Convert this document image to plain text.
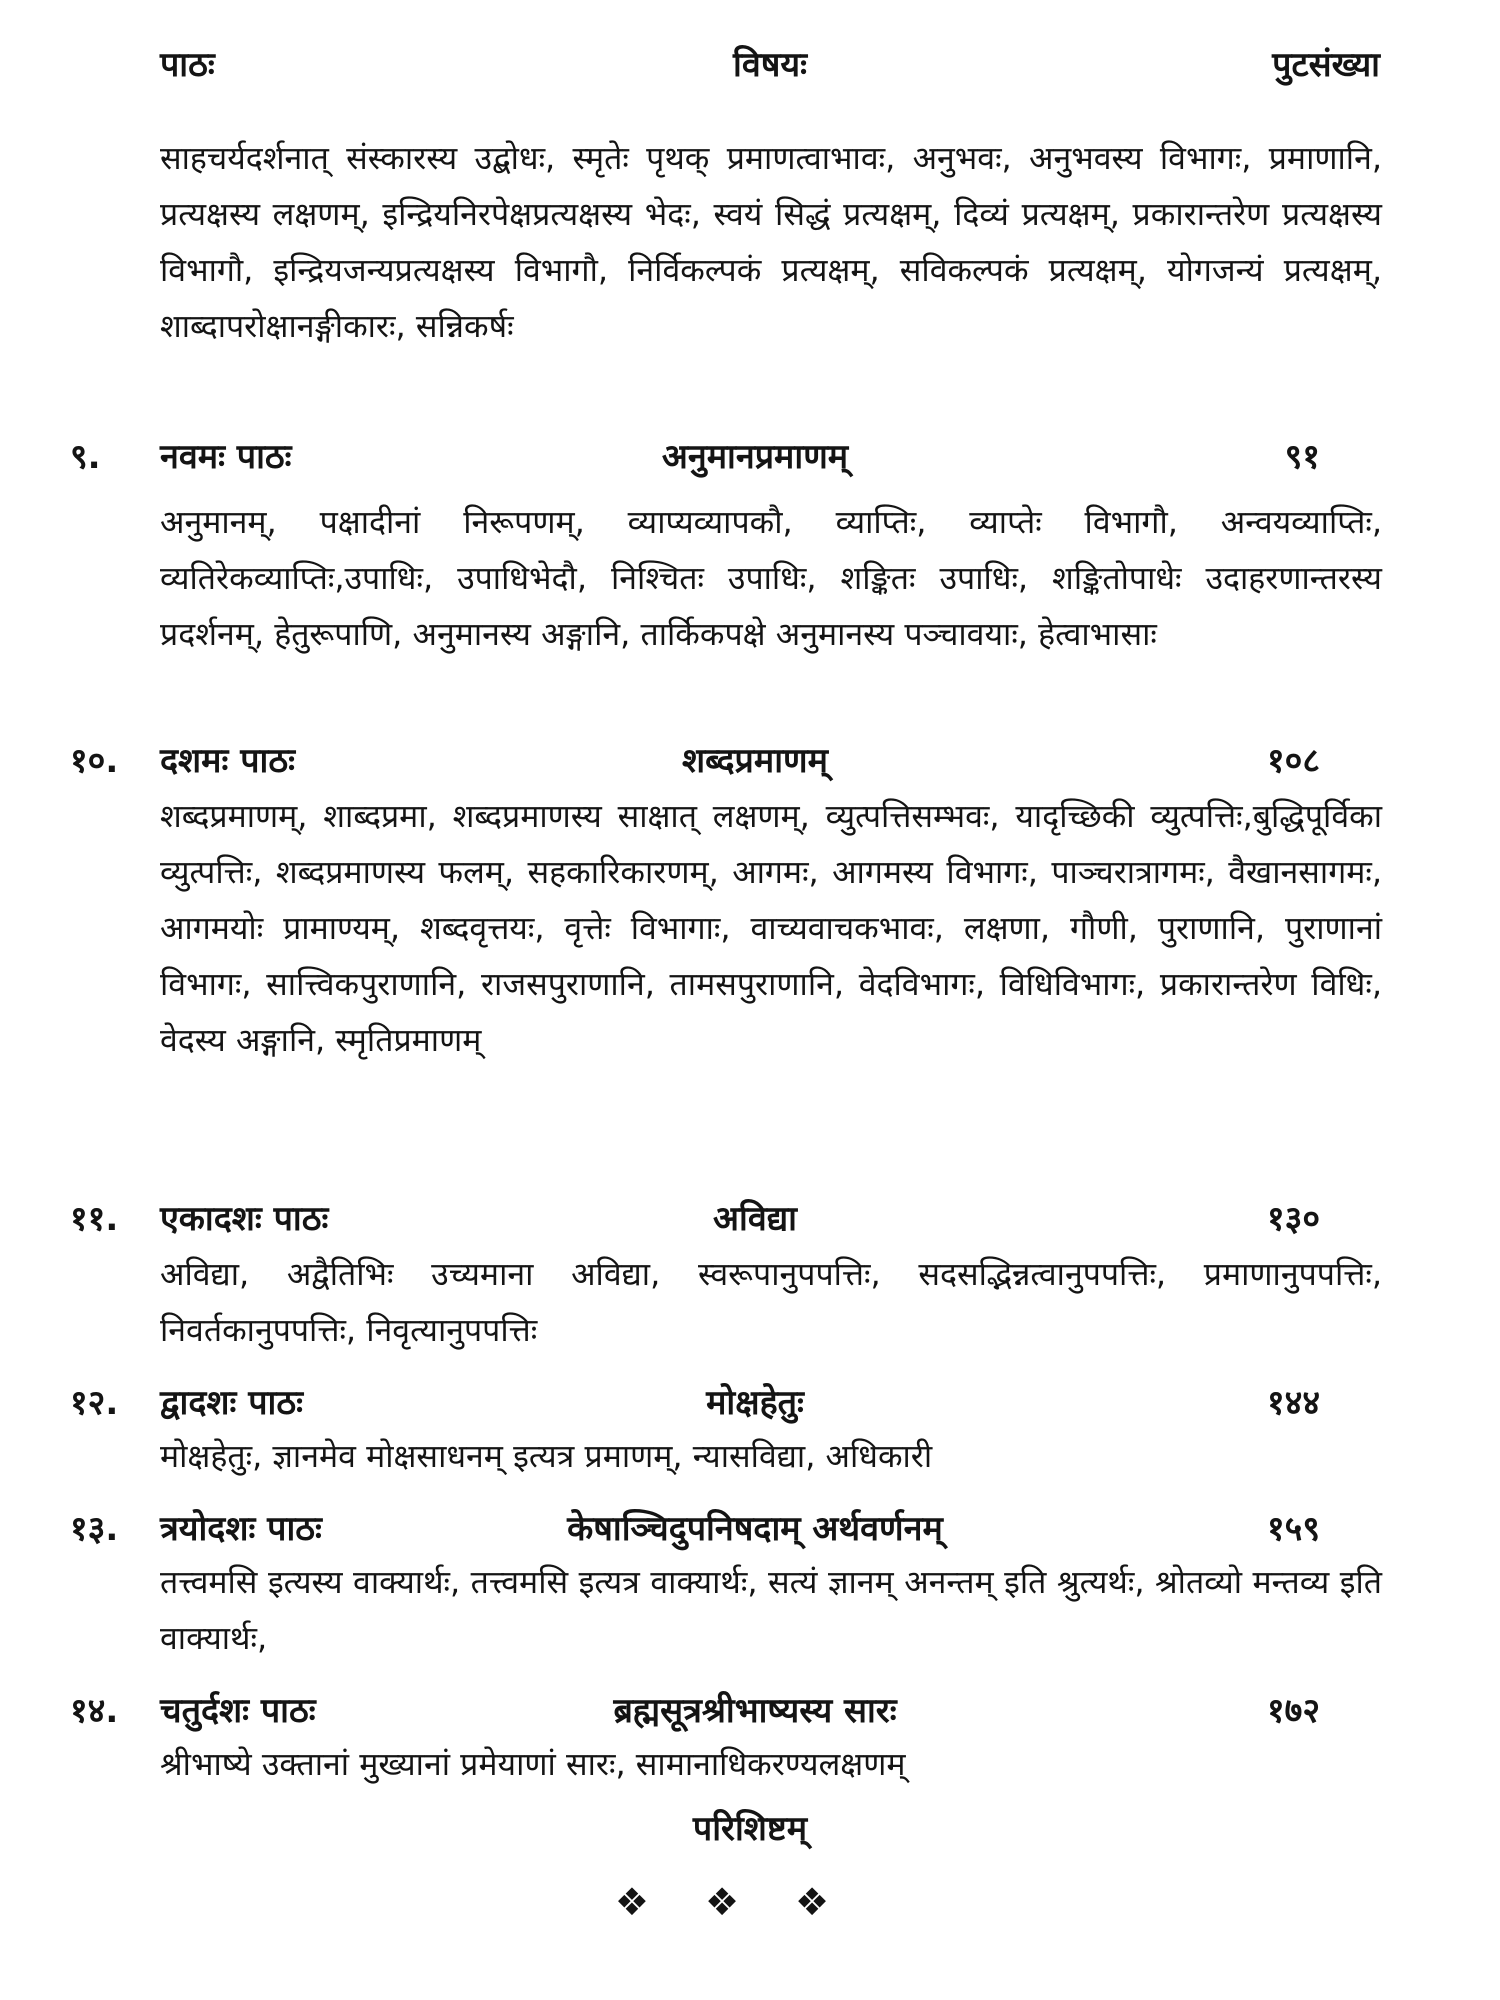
पाठः	विषयः	पुटसंख्या
साहचर्यदर्शनात् संस्कारस्य उद्बोधः, स्मृतेः पृथक् प्रमाणत्वाभावः, अनुभवः, अनुभवस्य विभागः, प्रमाणानि, प्रत्यक्षस्य लक्षणम्, इन्द्रियनिरपेक्षप्रत्यक्षस्य भेदः, स्वयं सिद्धं प्रत्यक्षम्, दिव्यं प्रत्यक्षम्, प्रकारान्तरेण प्रत्यक्षस्य विभागौ, इन्द्रियजन्यप्रत्यक्षस्य विभागौ, निर्विकल्पकं प्रत्यक्षम्, सविकल्पकं प्रत्यक्षम्, योगजन्यं प्रत्यक्षम्, शाब्दापरोक्षानङ्गीकारः, सन्निकर्षः
९. नवमः पाठः	अनुमानप्रमाणम्	९१
अनुमानम्, पक्षादीनां निरूपणम्, व्याप्यव्यापकौ, व्याप्तिः, व्याप्तेः विभागौ, अन्वयव्याप्तिः, व्यतिरेकव्याप्तिः,उपाधिः, उपाधिभेदौ, निश्चितः उपाधिः, शङ्कितः उपाधिः, शङ्कितोपाधेः उदाहरणान्तरस्य प्रदर्शनम्, हेतुरूपाणि, अनुमानस्य अङ्गानि, तार्किकपक्षे अनुमानस्य पञ्चावयाः, हेत्वाभासाः
१०. दशमः पाठः	शब्दप्रमाणम्	१०८
शब्दप्रमाणम्, शाब्दप्रमा, शब्दप्रमाणस्य साक्षात् लक्षणम्, व्युत्पत्तिसम्भवः, यादृच्छिकी व्युत्पत्तिः,बुद्धिपूर्विका व्युत्पत्तिः, शब्दप्रमाणस्य फलम्, सहकारिकारणम्, आगमः, आगमस्य विभागः, पाञ्चरात्रागमः, वैखानसागमः, आगमयोः प्रामाण्यम्, शब्दवृत्तयः, वृत्तेः विभागाः, वाच्यवाचकभावः, लक्षणा, गौणी, पुराणानि, पुराणानां विभागः, सात्त्विकपुराणानि, राजसपुराणानि, तामसपुराणानि, वेदविभागः, विधिविभागः, प्रकारान्तरेण विधिः, वेदस्य अङ्गानि, स्मृतिप्रमाणम्
११. एकादशः पाठः	अविद्या	१३०
अविद्या, अद्वैतिभिः उच्यमाना अविद्या, स्वरूपानुपपत्तिः, सदसद्भिन्नत्वानुपपत्तिः, प्रमाणानुपपत्तिः, निवर्तकानुपपत्तिः, निवृत्यानुपपत्तिः
१२. द्वादशः पाठः	मोक्षहेतुः	१४४
मोक्षहेतुः, ज्ञानमेव मोक्षसाधनम् इत्यत्र प्रमाणम्, न्यासविद्या, अधिकारी
१३. त्रयोदशः पाठः	केषाञ्चिदुपनिषदाम् अर्थवर्णनम्	१५९
तत्त्वमसि इत्यस्य वाक्यार्थः, तत्त्वमसि इत्यत्र वाक्यार्थः, सत्यं ज्ञानम् अनन्तम् इति श्रुत्यर्थः, श्रोतव्यो मन्तव्य इति वाक्यार्थः,
१४. चतुर्दशः पाठः	ब्रह्मसूत्रश्रीभाष्यस्य सारः	१७२
श्रीभाष्ये उक्तानां मुख्यानां प्रमेयाणां सारः, सामानाधिकरण्यलक्षणम्
परिशिष्टम्
❖❖❖
